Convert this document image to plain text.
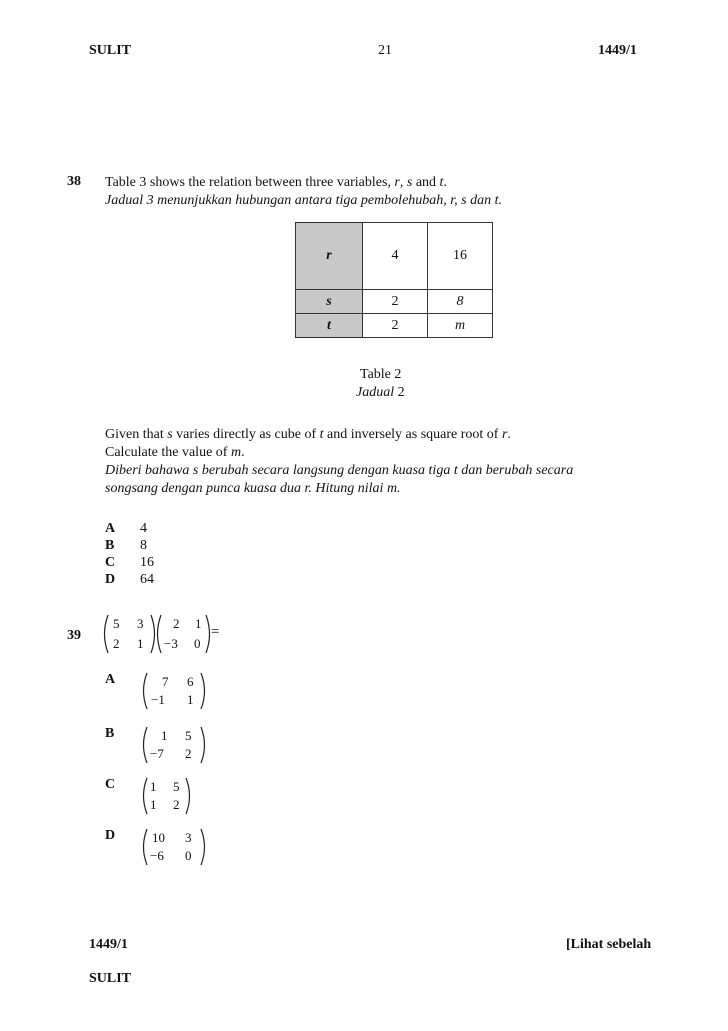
SULIT	21	1449/1
38 Table 3 shows the relation between three variables, r, s and t.
Jadual 3 menunjukkan hubungan antara tiga pembolehubah, r, s dan t.
r	4	16
s	2	8
t	2	m
Table 2
Jadual 2
Given that s varies directly as cube of t and inversely as square root of r.
Calculate the value of m.
Diberi bahawa s berubah secara langsung dengan kuasa tiga t dan berubah secara
songsang dengan punca kuasa dua r. Hitung nilai m.
A 4
B 8
C 16
D 64
39
5 3
2 1
2 1
−3 0
=
A	7 6
−1 1
B	1 5
−7 2
C	1 5
1 2
D	10 3
−6 0
1449/1	[Lihat sebelah
SULIT
